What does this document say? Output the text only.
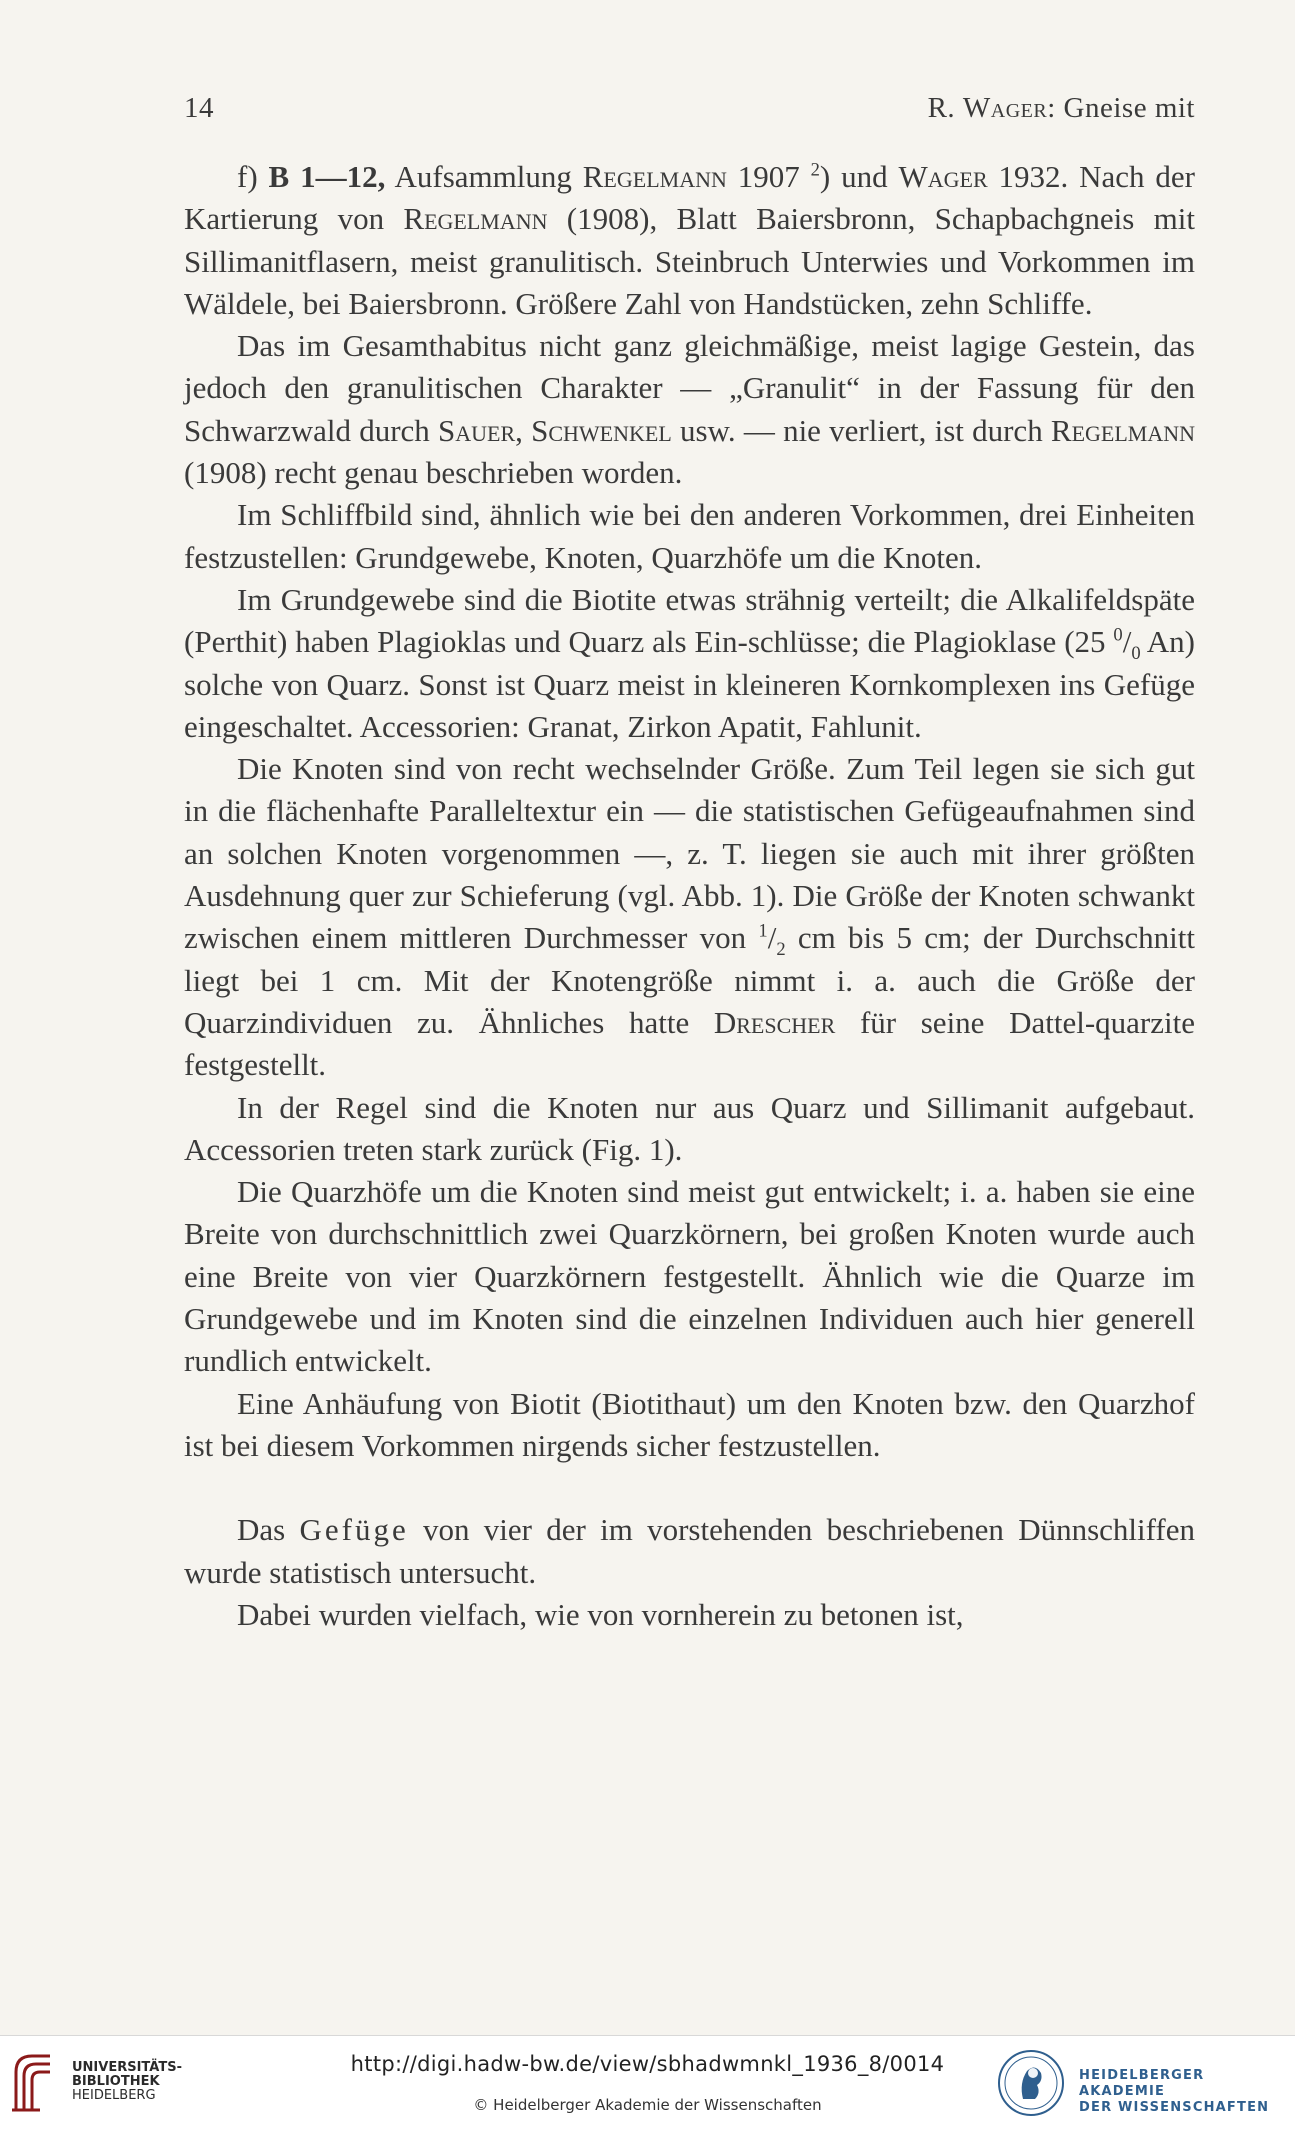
14	R. Wager: Gneise mit

f) B 1—12, Aufsammlung Regelmann 1907 $^2$) und Wager 1932. Nach der Kartierung von Regelmann (1908), Blatt Baiersbronn, Schapbachgneis mit Sillimanitflasern, meist granulitisch. Steinbruch Unterwies und Vorkommen im Wäldele, bei Baiersbronn. Größere Zahl von Handstücken, zehn Schliffe.

Das im Gesamthabitus nicht ganz gleichmäßige, meist lagige Gestein, das jedoch den granulitischen Charakter — „Granulit“ in der Fassung für den Schwarzwald durch Sauer, Schwenkel usw. — nie verliert, ist durch Regelmann (1908) recht genau beschrieben worden.

Im Schliffbild sind, ähnlich wie bei den anderen Vorkommen, drei Einheiten festzustellen: Grundgewebe, Knoten, Quarzhöfe um die Knoten.

Im Grundgewebe sind die Biotite etwas strähnig verteilt; die Alkalifeldspäte (Perthit) haben Plagioklas und Quarz als Ein-schlüsse; die Plagioklase (25 $^0/_0$ An) solche von Quarz. Sonst ist Quarz meist in kleineren Kornkomplexen ins Gefüge eingeschaltet. Accessorien: Granat, Zirkon Apatit, Fahlunit.

Die Knoten sind von recht wechselnder Größe. Zum Teil legen sie sich gut in die flächenhafte Paralleltextur ein — die statistischen Gefügeaufnahmen sind an solchen Knoten vorgenommen —, z. T. liegen sie auch mit ihrer größten Ausdehnung quer zur Schieferung (vgl. Abb. 1). Die Größe der Knoten schwankt zwischen einem mittleren Durchmesser von $^1/_2$ cm bis 5 cm; der Durchschnitt liegt bei 1 cm. Mit der Knotengröße nimmt i. a. auch die Größe der Quarzindividuen zu. Ähnliches hatte Drescher für seine Dattel-quarzite festgestellt.

In der Regel sind die Knoten nur aus Quarz und Sillimanit aufgebaut. Accessorien treten stark zurück (Fig. 1).

Die Quarzhöfe um die Knoten sind meist gut entwickelt; i. a. haben sie eine Breite von durchschnittlich zwei Quarzkörnern, bei großen Knoten wurde auch eine Breite von vier Quarzkörnern festgestellt. Ähnlich wie die Quarze im Grundgewebe und im Knoten sind die einzelnen Individuen auch hier generell rundlich entwickelt.

Eine Anhäufung von Biotit (Biotithaut) um den Knoten bzw. den Quarzhof ist bei diesem Vorkommen nirgends sicher festzustellen.

Das Gefüge von vier der im vorstehenden beschriebenen Dünnschliffen wurde statistisch untersucht.

Dabei wurden vielfach, wie von vornherein zu betonen ist,

UNIVERSITÄTS-
BIBLIOTHEK
HEIDELBERG
http://digi.hadw-bw.de/view/sbhadwmnkl_1936_8/0014
© Heidelberger Akademie der Wissenschaften
HEIDELBERGER AKADEMIE
DER WISSENSCHAFTEN
